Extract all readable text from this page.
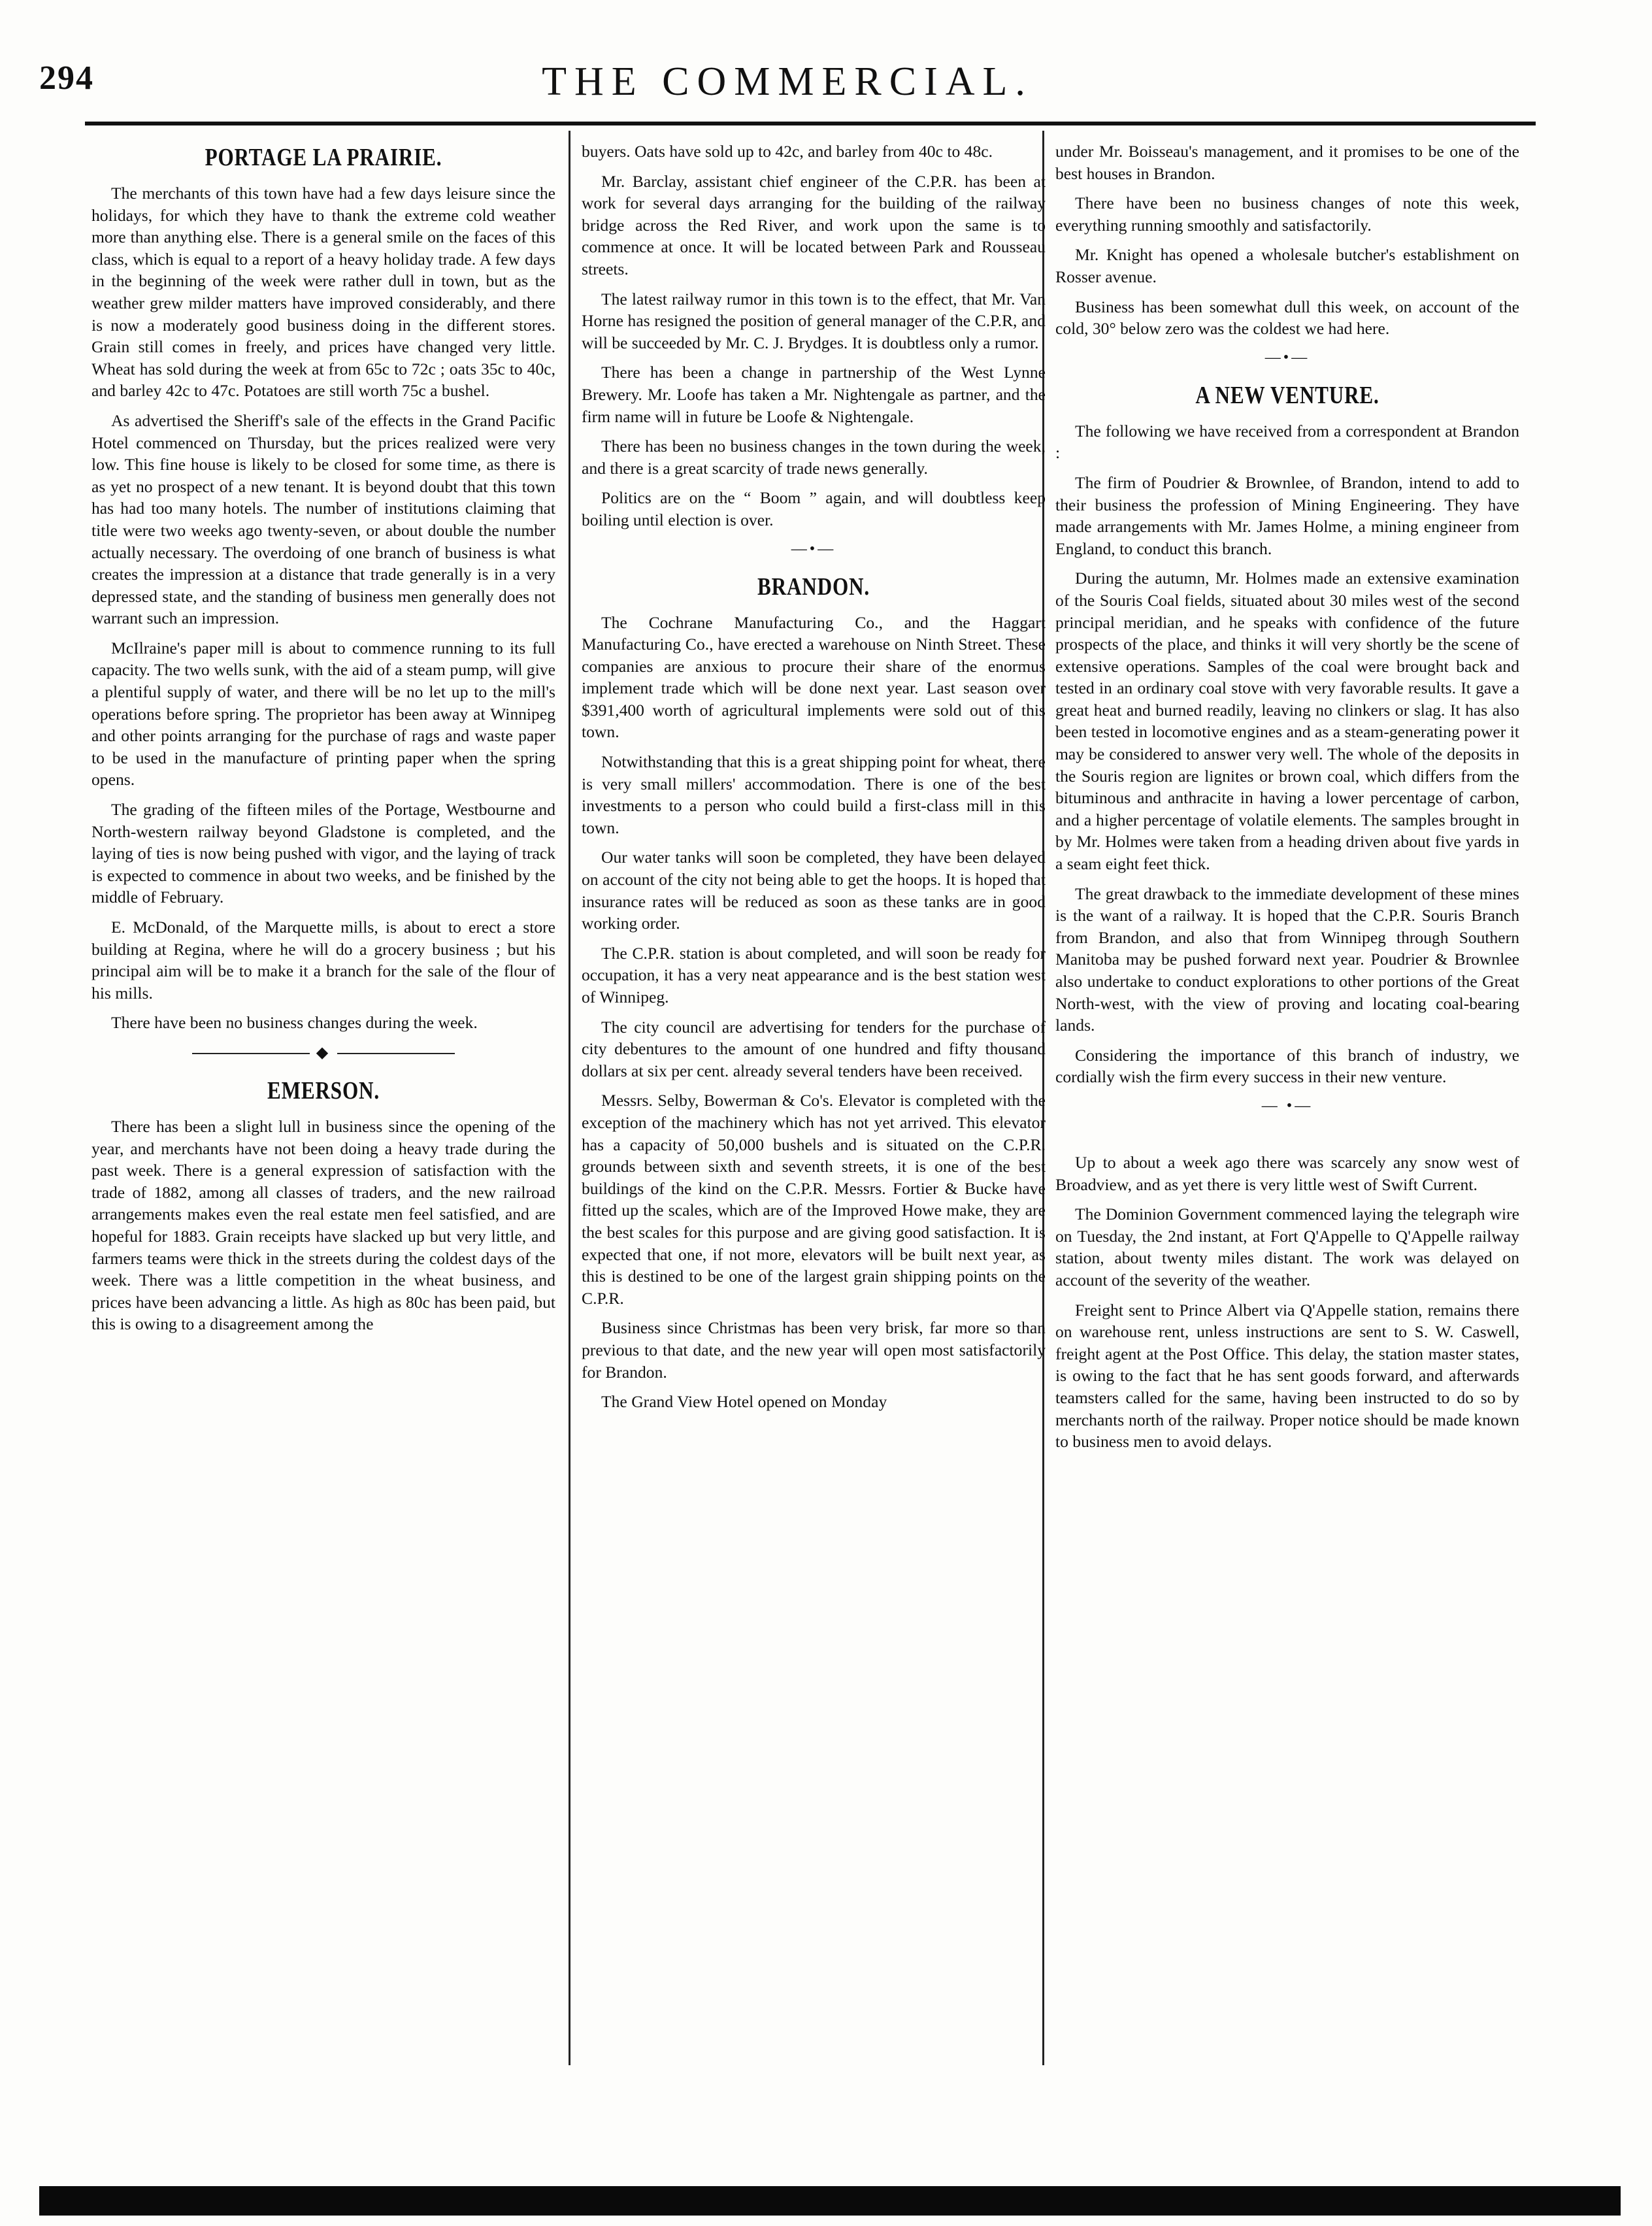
294	THE COMMERCIAL.
PORTAGE LA PRAIRIE.

The merchants of this town have had a few days leisure since the holidays, for which they have to thank the extreme cold weather more than anything else. There is a general smile on the faces of this class, which is equal to a report of a heavy holiday trade. A few days in the beginning of the week were rather dull in town, but as the weather grew milder matters have improved considerably, and there is now a moderately good business doing in the different stores. Grain still comes in freely, and prices have changed very little. Wheat has sold during the week at from 65c to 72c ; oats 35c to 40c, and barley 42c to 47c. Potatoes are still worth 75c a bushel.

As advertised the Sheriff's sale of the effects in the Grand Pacific Hotel commenced on Thursday, but the prices realized were very low. This fine house is likely to be closed for some time, as there is as yet no prospect of a new tenant. It is beyond doubt that this town has had too many hotels. The number of institutions claiming that title were two weeks ago twenty-seven, or about double the number actually necessary. The overdoing of one branch of business is what creates the impression at a distance that trade generally is in a very depressed state, and the standing of business men generally does not warrant such an impression.

McIlraine's paper mill is about to commence running to its full capacity. The two wells sunk, with the aid of a steam pump, will give a plentiful supply of water, and there will be no let up to the mill's operations before spring. The proprietor has been away at Winnipeg and other points arranging for the purchase of rags and waste paper to be used in the manufacture of printing paper when the spring opens.

The grading of the fifteen miles of the Portage, Westbourne and North-western railway beyond Gladstone is completed, and the laying of ties is now being pushed with vigor, and the laying of track is expected to commence in about two weeks, and be finished by the middle of February.

E. McDonald, of the Marquette mills, is about to erect a store building at Regina, where he will do a grocery business ; but his principal aim will be to make it a branch for the sale of the flour of his mills.

There have been no business changes during the week.

◆
EMERSON.

There has been a slight lull in business since the opening of the year, and merchants have not been doing a heavy trade during the past week. There is a general expression of satisfaction with the trade of 1882, among all classes of traders, and the new railroad arrangements makes even the real estate men feel satisfied, and are hopeful for 1883. Grain receipts have slacked up but very little, and farmers teams were thick in the streets during the coldest days of the week. There was a little competition in the wheat business, and prices have been advancing a little. As high as 80c has been paid, but this is owing to a disagreement among the

buyers. Oats have sold up to 42c, and barley from 40c to 48c.

Mr. Barclay, assistant chief engineer of the C.P.R. has been at work for several days arranging for the building of the railway bridge across the Red River, and work upon the same is to commence at once. It will be located between Park and Rousseau streets.

The latest railway rumor in this town is to the effect, that Mr. Van Horne has resigned the position of general manager of the C.P.R, and will be succeeded by Mr. C. J. Brydges. It is doubtless only a rumor.

There has been a change in partnership of the West Lynne Brewery. Mr. Loofe has taken a Mr. Nightengale as partner, and the firm name will in future be Loofe & Nightengale.

There has been no business changes in the town during the week, and there is a great scarcity of trade news generally.

Politics are on the “ Boom ” again, and will doubtless keep boiling until election is over.

—•—
BRANDON.

The Cochrane Manufacturing Co., and the Haggart Manufacturing Co., have erected a warehouse on Ninth Street. These companies are anxious to procure their share of the enormus implement trade which will be done next year. Last season over $391,400 worth of agricultural implements were sold out of this town.

Notwithstanding that this is a great shipping point for wheat, there is very small millers' accommodation. There is one of the best investments to a person who could build a first-class mill in this town.

Our water tanks will soon be completed, they have been delayed on account of the city not being able to get the hoops. It is hoped that insurance rates will be reduced as soon as these tanks are in good working order.

The C.P.R. station is about completed, and will soon be ready for occupation, it has a very neat appearance and is the best station west of Winnipeg.

The city council are advertising for tenders for the purchase of city debentures to the amount of one hundred and fifty thousand dollars at six per cent. already several tenders have been received.

Messrs. Selby, Bowerman & Co's. Elevator is completed with the exception of the machinery which has not yet arrived. This elevator has a capacity of 50,000 bushels and is situated on the C.P.R. grounds between sixth and seventh streets, it is one of the best buildings of the kind on the C.P.R. Messrs. Fortier & Bucke have fitted up the scales, which are of the Improved Howe make, they are the best scales for this purpose and are giving good satisfaction. It is expected that one, if not more, elevators will be built next year, as this is destined to be one of the largest grain shipping points on the C.P.R.

Business since Christmas has been very brisk, far more so than previous to that date, and the new year will open most satisfactorily for Brandon.

The Grand View Hotel opened on Monday

under Mr. Boisseau's management, and it promises to be one of the best houses in Brandon.

There have been no business changes of note this week, everything running smoothly and satisfactorily.

Mr. Knight has opened a wholesale butcher's establishment on Rosser avenue.

Business has been somewhat dull this week, on account of the cold, 30° below zero was the coldest we had here.

—•—
A NEW VENTURE.

The following we have received from a correspondent at Brandon :

The firm of Poudrier & Brownlee, of Brandon, intend to add to their business the profession of Mining Engineering. They have made arrangements with Mr. James Holme, a mining engineer from England, to conduct this branch.

During the autumn, Mr. Holmes made an extensive examination of the Souris Coal fields, situated about 30 miles west of the second principal meridian, and he speaks with confidence of the future prospects of the place, and thinks it will very shortly be the scene of extensive operations. Samples of the coal were brought back and tested in an ordinary coal stove with very favorable results. It gave a great heat and burned readily, leaving no clinkers or slag. It has also been tested in locomotive engines and as a steam-generating power it may be considered to answer very well. The whole of the deposits in the Souris region are lignites or brown coal, which differs from the bituminous and anthracite in having a lower percentage of carbon, and a higher percentage of volatile elements. The samples brought in by Mr. Holmes were taken from a heading driven about five yards in a seam eight feet thick.

The great drawback to the immediate development of these mines is the want of a railway. It is hoped that the C.P.R. Souris Branch from Brandon, and also that from Winnipeg through Southern Manitoba may be pushed forward next year. Poudrier & Brownlee also undertake to conduct explorations to other portions of the Great North-west, with the view of proving and locating coal-bearing lands.

Considering the importance of this branch of industry, we cordially wish the firm every success in their new venture.

— •—

Up to about a week ago there was scarcely any snow west of Broadview, and as yet there is very little west of Swift Current.

The Dominion Government commenced laying the telegraph wire on Tuesday, the 2nd instant, at Fort Q'Appelle to Q'Appelle railway station, about twenty miles distant. The work was delayed on account of the severity of the weather.

Freight sent to Prince Albert via Q'Appelle station, remains there on warehouse rent, unless instructions are sent to S. W. Caswell, freight agent at the Post Office. This delay, the station master states, is owing to the fact that he has sent goods forward, and afterwards teamsters called for the same, having been instructed to do so by merchants north of the railway. Proper notice should be made known to business men to avoid delays.
